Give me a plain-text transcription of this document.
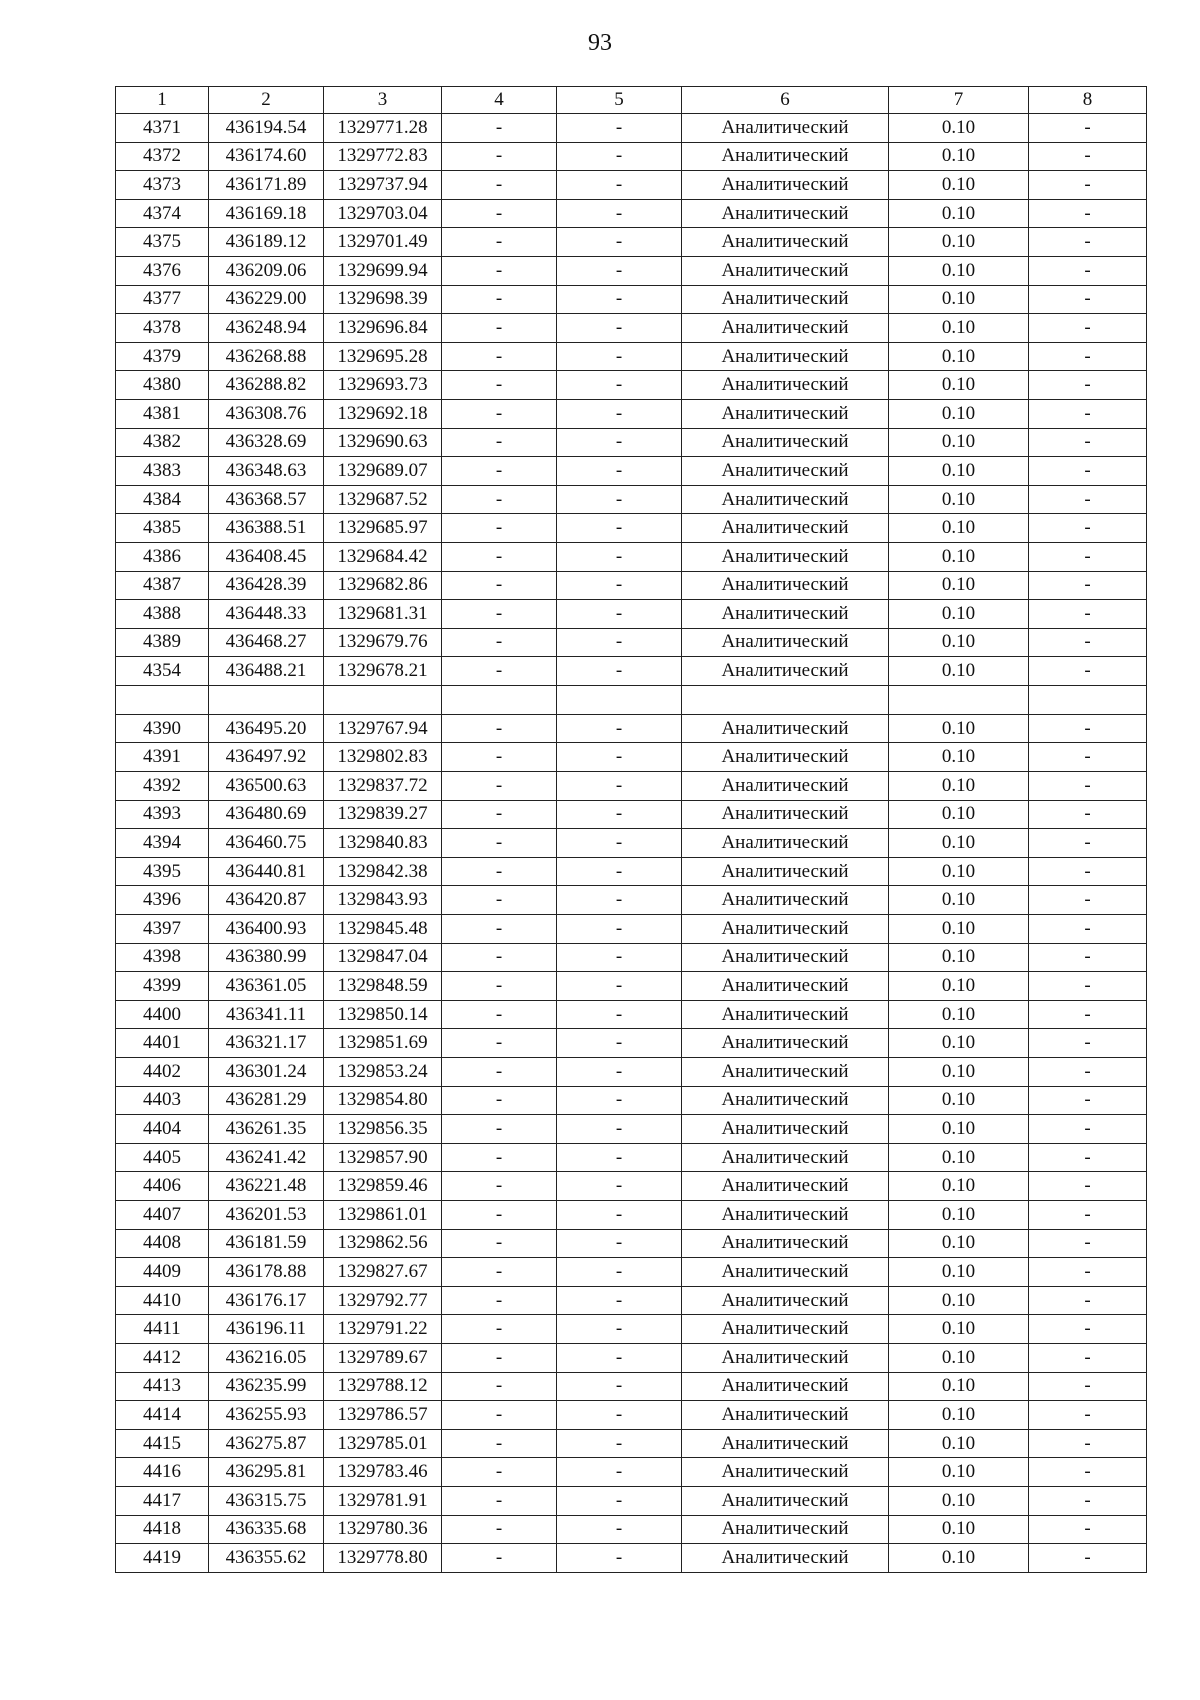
93
1	2	3	4	5	6	7	8
4371	436194.54	1329771.28	-	-	Аналитический	0.10	-
4372	436174.60	1329772.83	-	-	Аналитический	0.10	-
4373	436171.89	1329737.94	-	-	Аналитический	0.10	-
4374	436169.18	1329703.04	-	-	Аналитический	0.10	-
4375	436189.12	1329701.49	-	-	Аналитический	0.10	-
4376	436209.06	1329699.94	-	-	Аналитический	0.10	-
4377	436229.00	1329698.39	-	-	Аналитический	0.10	-
4378	436248.94	1329696.84	-	-	Аналитический	0.10	-
4379	436268.88	1329695.28	-	-	Аналитический	0.10	-
4380	436288.82	1329693.73	-	-	Аналитический	0.10	-
4381	436308.76	1329692.18	-	-	Аналитический	0.10	-
4382	436328.69	1329690.63	-	-	Аналитический	0.10	-
4383	436348.63	1329689.07	-	-	Аналитический	0.10	-
4384	436368.57	1329687.52	-	-	Аналитический	0.10	-
4385	436388.51	1329685.97	-	-	Аналитический	0.10	-
4386	436408.45	1329684.42	-	-	Аналитический	0.10	-
4387	436428.39	1329682.86	-	-	Аналитический	0.10	-
4388	436448.33	1329681.31	-	-	Аналитический	0.10	-
4389	436468.27	1329679.76	-	-	Аналитический	0.10	-
4354	436488.21	1329678.21	-	-	Аналитический	0.10	-

4390	436495.20	1329767.94	-	-	Аналитический	0.10	-
4391	436497.92	1329802.83	-	-	Аналитический	0.10	-
4392	436500.63	1329837.72	-	-	Аналитический	0.10	-
4393	436480.69	1329839.27	-	-	Аналитический	0.10	-
4394	436460.75	1329840.83	-	-	Аналитический	0.10	-
4395	436440.81	1329842.38	-	-	Аналитический	0.10	-
4396	436420.87	1329843.93	-	-	Аналитический	0.10	-
4397	436400.93	1329845.48	-	-	Аналитический	0.10	-
4398	436380.99	1329847.04	-	-	Аналитический	0.10	-
4399	436361.05	1329848.59	-	-	Аналитический	0.10	-
4400	436341.11	1329850.14	-	-	Аналитический	0.10	-
4401	436321.17	1329851.69	-	-	Аналитический	0.10	-
4402	436301.24	1329853.24	-	-	Аналитический	0.10	-
4403	436281.29	1329854.80	-	-	Аналитический	0.10	-
4404	436261.35	1329856.35	-	-	Аналитический	0.10	-
4405	436241.42	1329857.90	-	-	Аналитический	0.10	-
4406	436221.48	1329859.46	-	-	Аналитический	0.10	-
4407	436201.53	1329861.01	-	-	Аналитический	0.10	-
4408	436181.59	1329862.56	-	-	Аналитический	0.10	-
4409	436178.88	1329827.67	-	-	Аналитический	0.10	-
4410	436176.17	1329792.77	-	-	Аналитический	0.10	-
4411	436196.11	1329791.22	-	-	Аналитический	0.10	-
4412	436216.05	1329789.67	-	-	Аналитический	0.10	-
4413	436235.99	1329788.12	-	-	Аналитический	0.10	-
4414	436255.93	1329786.57	-	-	Аналитический	0.10	-
4415	436275.87	1329785.01	-	-	Аналитический	0.10	-
4416	436295.81	1329783.46	-	-	Аналитический	0.10	-
4417	436315.75	1329781.91	-	-	Аналитический	0.10	-
4418	436335.68	1329780.36	-	-	Аналитический	0.10	-
4419	436355.62	1329778.80	-	-	Аналитический	0.10	-
